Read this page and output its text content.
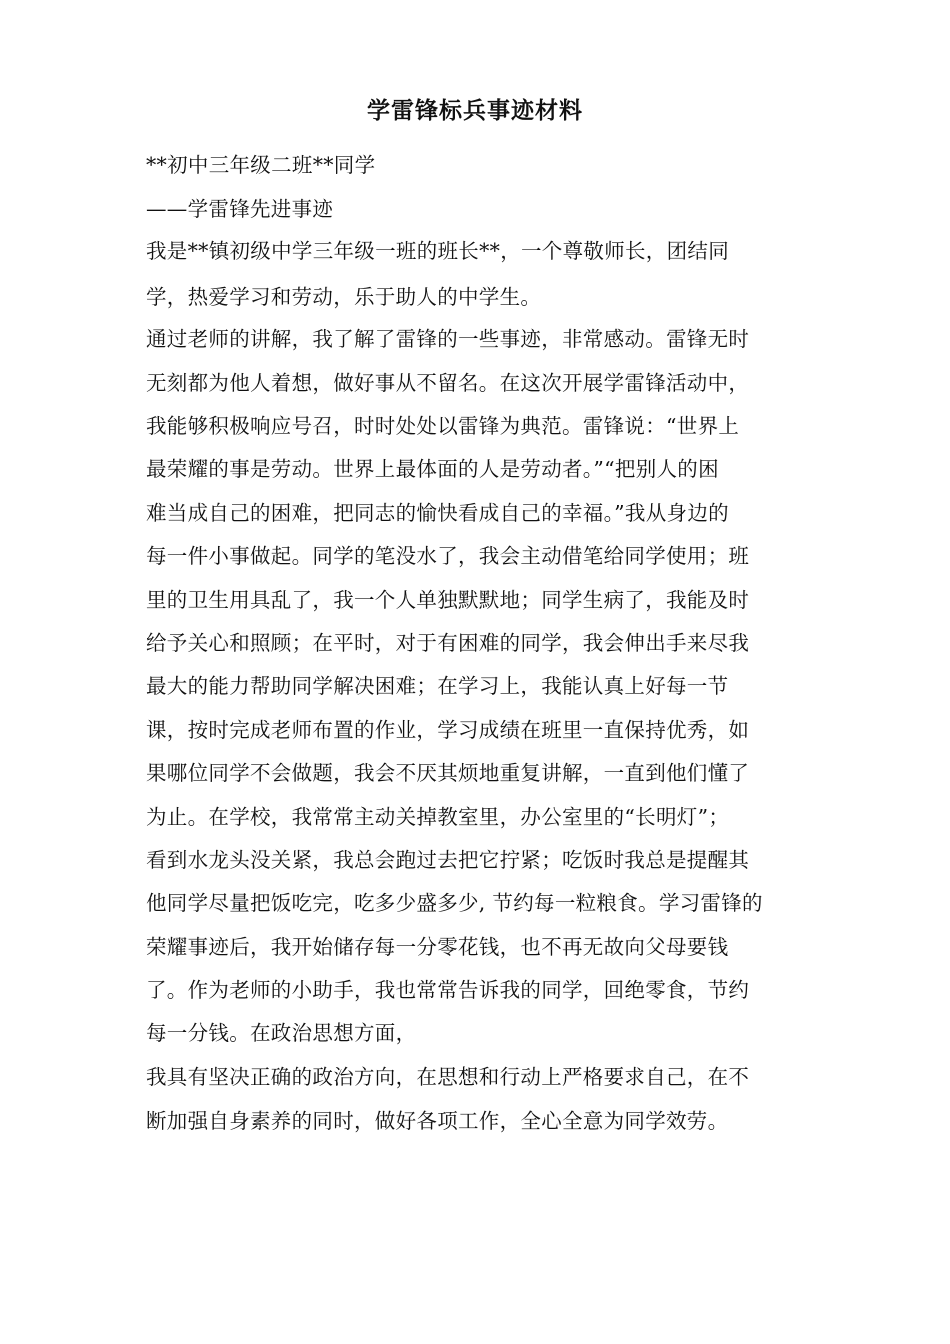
学雷锋标兵事迹材料
**初中三年级二班**同学
——学雷锋先进事迹
我是**镇初级中学三年级一班的班长**，一个尊敬师长，团结同
学，热爱学习和劳动，乐于助人的中学生。
通过老师的讲解，我了解了雷锋的一些事迹，非常感动。雷锋无时
无刻都为他人着想，做好事从不留名。在这次开展学雷锋活动中，
我能够积极响应号召，时时处处以雷锋为典范。雷锋说：“世界上
最荣耀的事是劳动。世界上最体面的人是劳动者。”“把别人的困
难当成自己的困难，把同志的愉快看成自己的幸福。”我从身边的
每一件小事做起。同学的笔没水了，我会主动借笔给同学使用；班
里的卫生用具乱了，我一个人单独默默地；同学生病了，我能及时
给予关心和照顾；在平时，对于有困难的同学，我会伸出手来尽我
最大的能力帮助同学解决困难；在学习上，我能认真上好每一节
课，按时完成老师布置的作业，学习成绩在班里一直保持优秀，如
果哪位同学不会做题，我会不厌其烦地重复讲解，一直到他们懂了
为止。在学校，我常常主动关掉教室里，办公室里的“长明灯”；
看到水龙头没关紧，我总会跑过去把它拧紧；吃饭时我总是提醒其
他同学尽量把饭吃完，吃多少盛多少, 节约每一粒粮食。学习雷锋的
荣耀事迹后，我开始储存每一分零花钱，也不再无故向父母要钱
了。作为老师的小助手，我也常常告诉我的同学，回绝零食，节约
每一分钱。在政治思想方面，
我具有坚决正确的政治方向，在思想和行动上严格要求自己，在不
断加强自身素养的同时，做好各项工作，全心全意为同学效劳。
